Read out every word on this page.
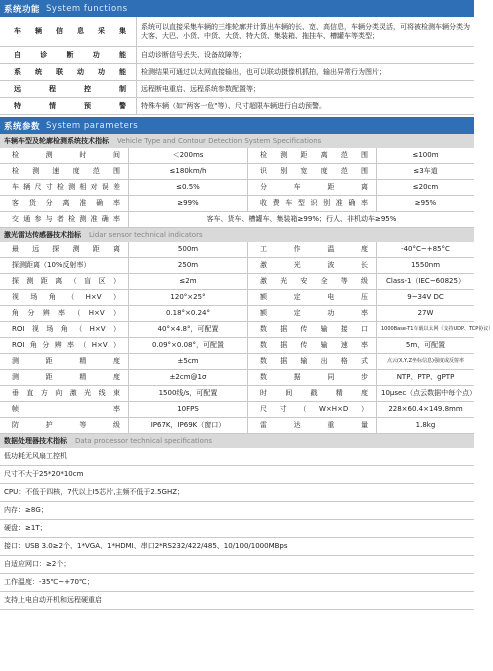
系统功能 System functions
车辆信息采集	系统可以直接采集车辆的三维轮廓并计算出车辆的长、宽、高信息，车辆分类灵活，可将被检测车辆分类为大客、大巴、小货、中货、大货、特大货、集装箱、拖挂车、槽罐车等类型；
自诊断功能	自动诊断信号丢失、设备故障等；
系统联动功能	检测结果可通过以太网直接输出，也可以联动摄像机抓拍，输出异常行为图片；
远程控制	远程断电重启、远程系统参数配置等；
特情预警	特殊车辆（如"两客一危"等）、尺寸超限车辆进行自动预警。
系统参数 System parameters
车辆车型及轮廓检测系统技术指标 Vehicle Type and Contour Detection System Specifications
检测时间	＜200ms	检测距离范围	≤100m
检测速度范围	≤180km/h	识别宽度范围	≤3车道
车辆尺寸检测相对误差	≤0.5%	分车距离	≤20cm
客货分离准确率	≥99%	收费车型识别准确率	≥95%
交通参与者检测准确率	客车、货车、槽罐车、集装箱≥99%；行人、非机动车≥95%		
激光雷达传感器技术指标 Lidar sensor technical indicators
最远探测距离	500m	工作温度	-40°C~+85°C
探测距离（10%反射率）	250m	激光波长	1550nm
探测距离（盲区）	≤2m	激光安全等级	Class-1（IEC~60825）
视场角（H×V）	120°×25°	额定电压	9~34V DC
角分辨率（H×V）	0.18°×0.24°	额定功率	27W
ROI视场角（H×V）	40°×4.8°，可配置	数据传输接口	1000Base-T1车载以太网（支持UDP、TCP协议）
ROI角分辨率（H×V）	0.09°×0.08°，可配置	数据传输速率	5m，可配置
测距精度	±5cm	数据输出格式	点云(X,Y,Z坐标信息)强度或反射率
测距精度	±2cm@1σ	数据同步	NTP、PTP、gPTP
垂直方向激光线束	1500线/s，可配置	时间戳精度	10μsec（点云数据中每个点）
帧率	10FPS	尺寸（W×H×D）	228×60.4×149.8mm
防护等级	IP67K，IP69K（窗口）	雷达重量	1.8kg
数据处理器技术指标 Data processor technical specifications
低功耗无风扇工控机
尺寸不大于25*20*10cm
CPU：不低于四核，7代以上I5芯片,主频不低于2.5GHZ；
内存：≥8G；
硬盘：≥1T；
接口：USB 3.0≥2个、1*VGA、1*HDMI、串口2*RS232/422/485、10/100/1000MBps
自适应网口：≥2个；
工作温度：-35℃~+70℃；
支持上电自动开机和远程硬重启
